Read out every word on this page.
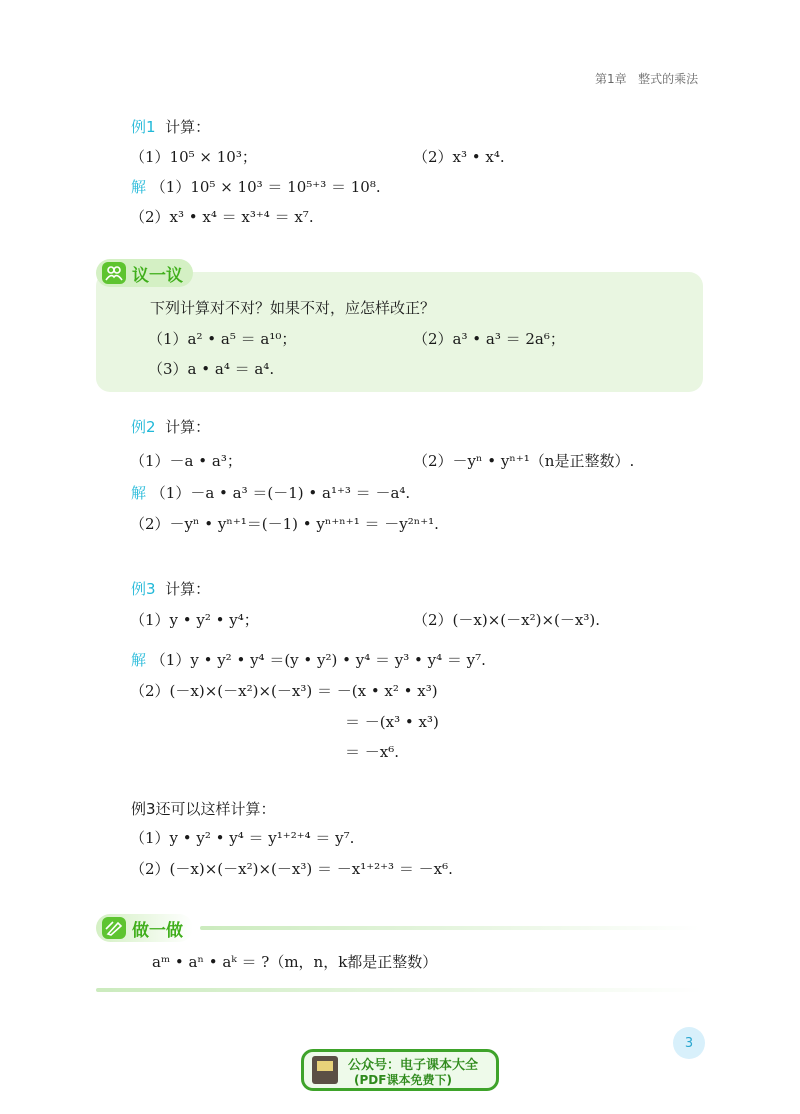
第1章 整式的乘法
例1 计算：
（1）10⁵ × 10³；	（2）x³ • x⁴.
解 （1）10⁵ × 10³ ＝ 10⁵⁺³ ＝ 10⁸.
（2）x³ • x⁴ ＝ x³⁺⁴ ＝ x⁷.
议一议
下列计算对不对？如果不对，应怎样改正？
（1）a² • a⁵ ＝ a¹⁰；	（2）a³ • a³ ＝ 2a⁶；
（3）a • a⁴ ＝ a⁴.
例2 计算：
（1）－a • a³；	（2）－yⁿ • yⁿ⁺¹（n是正整数）.
解 （1）－a • a³ ＝(－1) • a¹⁺³ ＝ －a⁴.
（2）－yⁿ • yⁿ⁺¹＝(－1) • yⁿ⁺ⁿ⁺¹ ＝ －y²ⁿ⁺¹.
例3 计算：
（1）y • y² • y⁴；	（2）(－x)×(－x²)×(－x³).
解 （1）y • y² • y⁴ ＝(y • y²) • y⁴ ＝ y³ • y⁴ ＝ y⁷.
（2）(－x)×(－x²)×(－x³) ＝ －(x • x² • x³)
＝ －(x³ • x³)
＝ －x⁶.
例3还可以这样计算：
（1）y • y² • y⁴ ＝ y¹⁺²⁺⁴ ＝ y⁷.
（2）(－x)×(－x²)×(－x³) ＝ －x¹⁺²⁺³ ＝ －x⁶.
做一做
aᵐ • aⁿ • aᵏ ＝ ?（m，n，k都是正整数）
3
公众号：电子课本大全
(PDF课本免费下)
